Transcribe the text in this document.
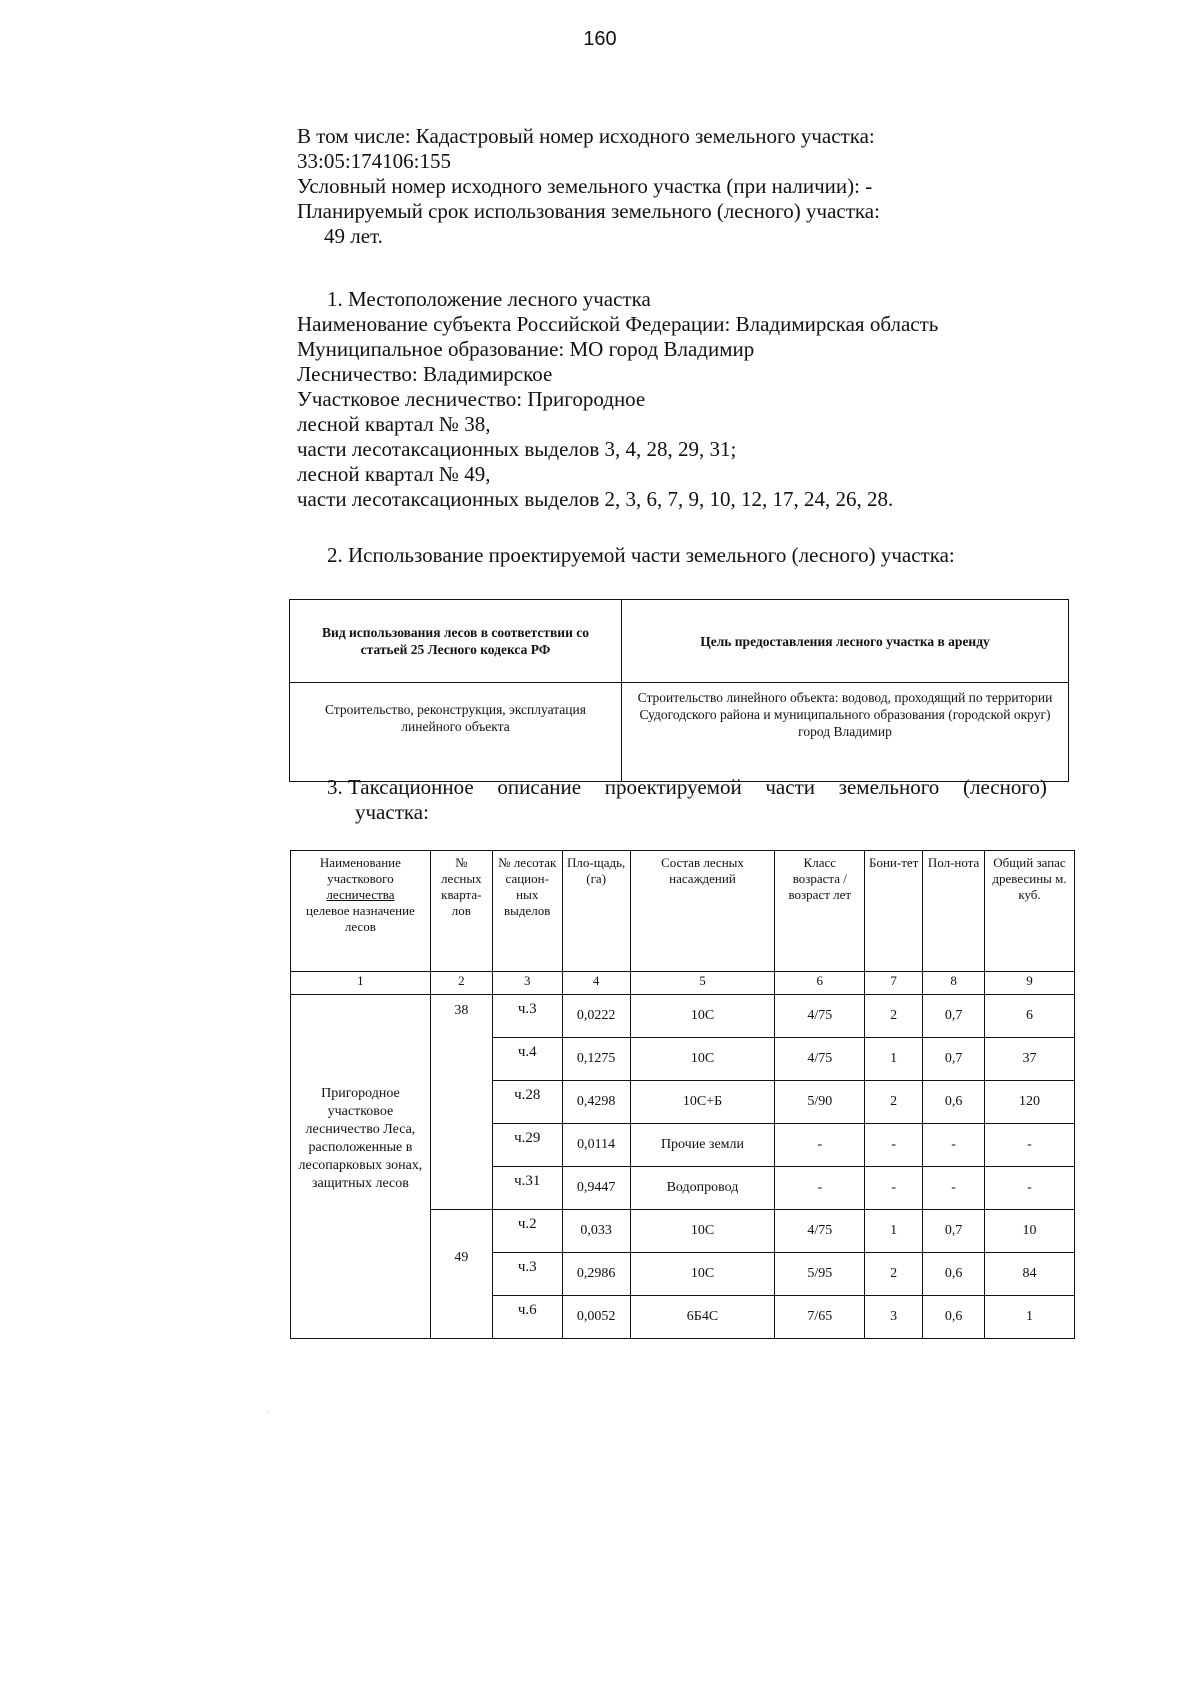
160
В том числе: Кадастровый номер исходного земельного участка:
33:05:174106:155
Условный номер исходного земельного участка (при наличии): -
Планируемый срок использования земельного (лесного) участка:
49 лет.
1. Местоположение лесного участка
Наименование субъекта Российской Федерации: Владимирская область
Муниципальное образование: МО город Владимир
Лесничество: Владимирское
Участковое лесничество: Пригородное
лесной квартал № 38,
части лесотаксационных выделов 3, 4, 28, 29, 31;
лесной квартал № 49,
части лесотаксационных выделов 2, 3, 6, 7, 9, 10, 12, 17, 24, 26, 28.
2. Использование проектируемой части земельного (лесного) участка:
Вид использования лесов в соответствии со статьей 25 Лесного кодекса РФ	Цель предоставления лесного участка в аренду
Строительство, реконструкция, эксплуатация линейного объекта	Строительство линейного объекта: водовод, проходящий по территории Судогодского района и муниципального образования (городской округ) город Владимир
3. Таксационное описание проектируемой части земельного (лесного)
участка:
Наименование участкового
лесничества
целевое назначение лесов	№ лесных кварта-лов	№ лесотак сацион-ных выделов	Пло-щадь, (га)	Состав лесных насаждений	Класс возраста /возраст лет	Бони-тет	Пол-нота	Общий запас древесины м. куб.
1	2	3	4	5	6	7	8	9
Пригородное участковое лесничество Леса, расположенные в лесопарковых зонах, защитных лесов	38	ч.3	0,0222	10С	4/75	2	0,7	6
		ч.4	0,1275	10С	4/75	1	0,7	37
		ч.28	0,4298	10С+Б	5/90	2	0,6	120
		ч.29	0,0114	Прочие земли	-	-	-	-
		ч.31	0,9447	Водопровод	-	-	-	-
	49	ч.2	0,033	10С	4/75	1	0,7	10
		ч.3	0,2986	10С	5/95	2	0,6	84
		ч.6	0,0052	6Б4С	7/65	3	0,6	1
